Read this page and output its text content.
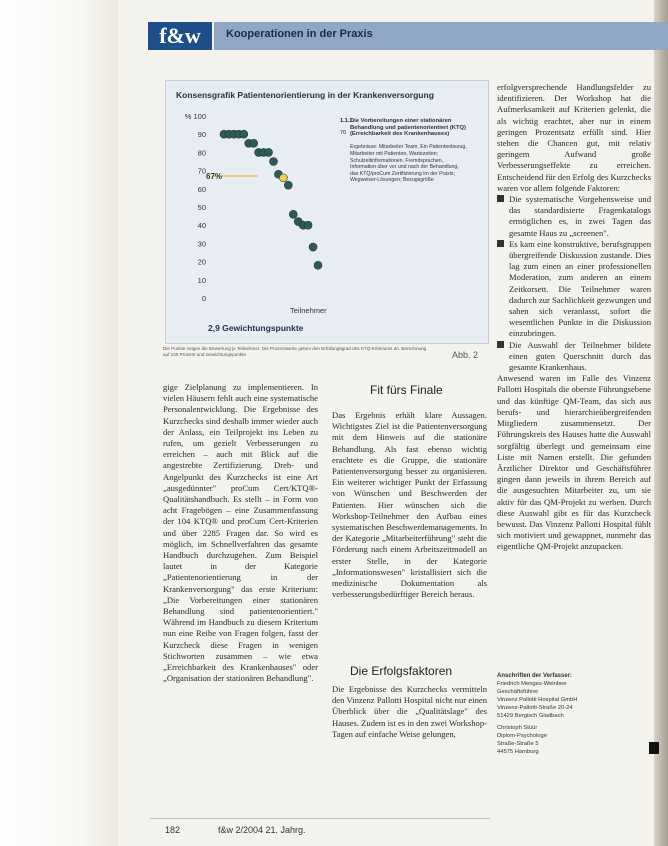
f&w	Kooperationen in der Praxis
Konsensgrafik Patientenorientierung in der Krankenversorgung
% 100
90
80
70
60
50
40
30
20
10
0
67%
1.1.1.
70
Die Vorbereitungen einer stationären Behandlung und patientenorientiert (KTQ) (Erreichbarkeit des Krankenhauses)

Ergebnisse: Mitarbeiter Team, Ein Patientenbezug, Mitarbeiter mit Patienten, Wartezeiten; Schulzeitinformationen, Fremdsprachen, Information über vor und nach der Behandlung, das KTQ/proCum Zertifizierung im der Praxis; Wegweiser-Lösungen; Bezugsgröße
Teilnehmer
2,9 Gewichtungspunkte
Die Punkte zeigen die Bewertung je Teilnehmer. Die Prozentwerte geben den Erfüllungsgrad des KTQ-Kriteriums an. Berechnung auf 100 Prozent und Gewichtungspunkte	Abb. 2

gige Zielplanung zu implementieren. In vielen Häusern fehlt auch eine systematische Personalentwicklung. Die Ergebnisse des Kurzchecks sind deshalb immer wieder auch der Anlass, ein Teilprojekt ins Leben zu rufen, um gezielt Verbesserungen zu erreichen – auch mit Blick auf die angestrebte Zertifizierung. Dreh- und Angelpunkt des Kurzchecks ist eine Art „ausgedünnter" proCum Cert/KTQ®-Qualitätshandbuch. Es stellt – in Form von acht Fragebögen – eine Zusammenfassung der 104 KTQ® und proCum Cert-Kriterien und über 2285 Fragen dar. So wird es möglich, im Schnellverfahren das gesamte Handbuch durchzugehen. Zum Beispiel lautet in der Kategorie „Patientenorientierung in der Krankenversorgung" das erste Kriterium: „Die Vorbereitungen einer stationären Behandlung sind patientenorientiert." Während im Handbuch zu diesem Kriterium nun eine Reihe von Fragen folgen, fasst der Kurzcheck diese Fragen in wenigen Stichworten zusammen – wie etwa „Erreichbarkeit des Krankenhauses" oder „Organisation der stationären Behandlung".

Fit fürs Finale

Das Ergebnis erhält klare Aussagen. Wichtigstes Ziel ist die Patientenversorgung mit dem Hinweis auf die stationäre Behandlung. Als fast ebenso wichtig erachtete es die Gruppe, die stationäre Patientenversorgung besser zu organisieren. Ein weiterer wichtiger Punkt der Erfassung von Wünschen und Beschwerden der Patienten. Hier wünschen sich die Workshop-Teilnehmer den Aufbau eines systematischen Beschwerdemanagements. In der Kategorie „Mitarbeiterführung" steht die Förderung nach einem Arbeitszeitmodell an erster Stelle, in der Kategorie „Informationswesen" kristallisiert sich die medizinische Dokumentation als verbesserungsbedürftiger Bereich heraus.

Die Erfolgsfaktoren

Die Ergebnisse des Kurzchecks vermitteln den Vinzenz Pallotti Hospital nicht nur einen Überblick über die „Qualitätslage" des Hauses. Zudem ist es in den zwei Workshop-Tagen auf einfache Weise gelungen,

erfolgversprechende Handlungsfelder zu identifizieren. Der Workshop hat die Aufmerksamkeit auf Kriterien gelenkt, die als wichtig erachtet, aber nur in einem geringen Prozentsatz erfüllt sind. Hier stehen die Chancen gut, mit relativ geringem Aufwand große Verbesserungseffekte zu erreichen. Entscheidend für den Erfolg des Kurzchecks waren vor allem folgende Faktoren:

Die systematische Vorgehensweise und das standardisierte Fragenkatalogs ermöglichen es, in zwei Tagen das gesamte Haus zu „screenen".

Es kam eine konstruktive, berufsgruppen übergreifende Diskussion zustande. Dies lag zum einen an einer professionellen Moderation, zum anderen an einem Zeitkorsett. Die Teilnehmer waren dadurch zur Sachlichkeit gezwungen und sahen sich veranlasst, sofort die wesentlichen Punkte in die Diskussion einzubringen.

Die Auswahl der Teilnehmer bildete einen guten Querschnitt durch das gesamte Krankenhaus.

Anwesend waren im Falle des Vinzenz Pallotti Hospitals die oberste Führungsebene und das künftige QM-Team, das sich aus berufs- und hierarchieübergreifenden Mitgliedern zusammensetzt. Der Führungskreis des Hauses hatte die Auswahl sorgfältig überlegt und gemeinsam eine Liste mit Namen erstellt. Die gefunden Ärztlicher Direktor und Geschäftsführer gingen dann jeweils in ihrem Bereich auf die ausgesuchten Mitarbeiter zu, um sie aktiv für das QM-Projekt zu werben. Durch diese Auswahl gibt es für das Kurzcheck bewusst. Das Vinzenz Pallotti Hospital fühlt sich motiviert und gewappnet, nunmehr das eigentliche QM-Projekt anzupacken.

Anschriften der Verfasser:
Friedrich Menges-Weinbee
Geschäftsführer
Vinzenz Pallotti Hospital GmbH
Vinzenz-Pallotti-Straße 20-24
51429 Bergisch Gladbach
Christoph Stüür
Diplom-Psychologe
Straße-Straße 5
44575 Hamburg
182	f&w 2/2004 21. Jahrg.
